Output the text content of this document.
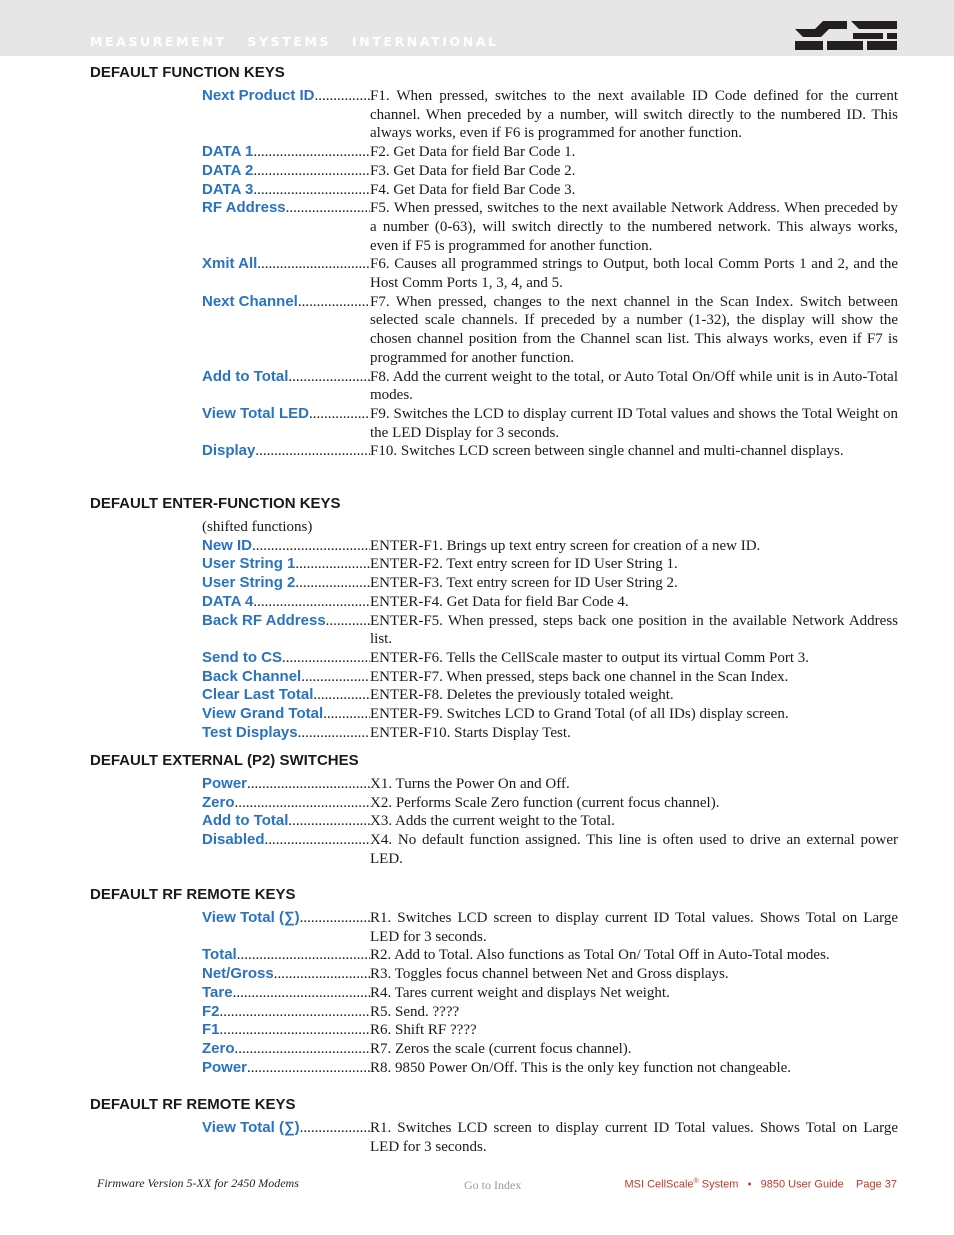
MEASUREMENT   SYSTEMS   INTERNATIONAL
DEFAULT FUNCTION KEYS
Next Product ID .....	F1. When pressed, switches to the next available ID Code defined for the current channel. When preceded by a number, will switch directly to the numbered ID. This always works, even if F6 is programmed for another function.
DATA 1 .....	F2. Get Data for field Bar Code 1.
DATA 2 .....	F3. Get Data for field Bar Code 2.
DATA 3 .....	F4. Get Data for field Bar Code 3.
RF Address .....	F5. When pressed, switches to the next available Network Address. When preceded by a number (0-63), will switch directly to the numbered network. This always works, even if F5 is programmed for another function.
Xmit All .....	F6. Causes all programmed strings to Output, both local Comm Ports 1 and 2, and the Host Comm Ports 1, 3, 4, and 5.
Next Channel .....	F7. When pressed, changes to the next channel in the Scan Index. Switch between selected scale channels. If preceded by a number (1-32), the display will show the chosen channel position from the Channel scan list. This always works, even if F7 is programmed for another function.
Add to Total .....	F8. Add the current weight to the total, or Auto Total On/Off while unit is in Auto-Total modes.
View Total LED .....	F9. Switches the LCD to display current ID Total values and shows the Total Weight on the LED Display for 3 seconds.
Display .....	F10. Switches LCD screen between single channel and multi-channel displays.
DEFAULT ENTER-FUNCTION KEYS
(shifted functions)
New ID .....	ENTER-F1. Brings up text entry screen for creation of a new ID.
User String 1 .....	ENTER-F2. Text entry screen for ID User String 1.
User String 2 .....	ENTER-F3. Text entry screen for ID User String 2.
DATA 4 .....	ENTER-F4. Get Data for field Bar Code 4.
Back RF Address .....	ENTER-F5. When pressed, steps back one position in the available Network Address list.
Send to CS .....	ENTER-F6. Tells the CellScale master to output its virtual Comm Port 3.
Back Channel .....	ENTER-F7. When pressed, steps back one channel in the Scan Index.
Clear Last Total .....	ENTER-F8. Deletes the previously totaled weight.
View Grand Total .....	ENTER-F9. Switches LCD to Grand Total (of all IDs) display screen.
Test Displays .....	ENTER-F10. Starts Display Test.
DEFAULT EXTERNAL (P2) SWITCHES
Power .....	X1. Turns the Power On and Off.
Zero .....	X2. Performs Scale Zero function (current focus channel).
Add to Total .....	X3. Adds the current weight to the Total.
Disabled .....	X4. No default function assigned. This line is often used to drive an external power LED.
DEFAULT RF REMOTE KEYS
View Total (∑) .....	R1. Switches LCD screen to display current ID Total values. Shows Total on Large LED for 3 seconds.
Total .....	R2. Add to Total. Also functions as Total On/ Total Off in Auto-Total modes.
Net/Gross .....	R3. Toggles focus channel between Net and Gross displays.
Tare .....	R4. Tares current weight and displays Net weight.
F2 .....	R5. Send. ????
F1 .....	R6. Shift RF ????
Zero .....	R7. Zeros the scale (current focus channel).
Power .....	R8. 9850 Power On/Off. This is the only key function not changeable.
DEFAULT RF REMOTE KEYS
View Total (∑) .....	R1. Switches LCD screen to display current ID Total values. Shows Total on Large LED for 3 seconds.
Firmware Version 5-XX for 2450 Modems	Go to Index	MSI CellScale® System   •   9850 User Guide    Page 37
